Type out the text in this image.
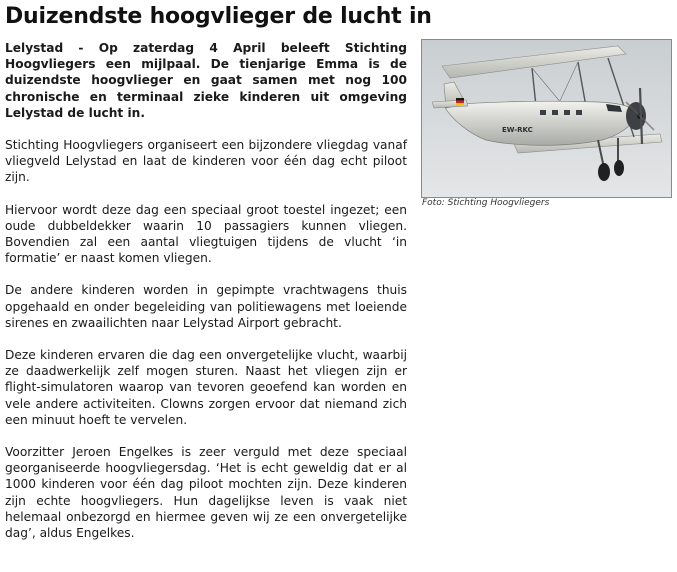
Duizendste hoogvlieger de lucht in

Lelystad - Op zaterdag 4 April beleeft Stichting Hoogvliegers een mijlpaal. De tienjarige Emma is de duizendste hoogvlieger en gaat samen met nog 100 chronische en terminaal zieke kinderen uit omgeving Lelystad de lucht in.

Stichting Hoogvliegers organiseert een bijzondere vliegdag vanaf vliegveld Lelystad en laat de kinderen voor één dag echt piloot zijn.

Hiervoor wordt deze dag een speciaal groot toestel ingezet; een oude dubbeldekker waarin 10 passagiers kunnen vliegen. Bovendien zal een aantal vliegtuigen tijdens de vlucht ‘in formatie’ er naast komen vliegen.

De andere kinderen worden in gepimpte vrachtwagens thuis opgehaald en onder begeleiding van politiewagens met loeiende sirenes en zwaailichten naar Lelystad Airport gebracht.

Deze kinderen ervaren die dag een onvergetelijke vlucht, waarbij ze daadwerkelijk zelf mogen sturen. Naast het vliegen zijn er flight-simulatoren waarop van tevoren geoefend kan worden en vele andere activiteiten. Clowns zorgen ervoor dat niemand zich een minuut hoeft te vervelen.

Voorzitter Jeroen Engelkes is zeer verguld met deze speciaal georganiseerde hoogvliegersdag. ‘Het is echt geweldig dat er al 1000 kinderen voor één dag piloot mochten zijn. Deze kinderen zijn echte hoogvliegers. Hun dagelijkse leven is vaak niet helemaal onbezorgd en hiermee geven wij ze een onvergetelijke dag’, aldus Engelkes.

EW-RKC
Foto: Stichting Hoogvliegers
